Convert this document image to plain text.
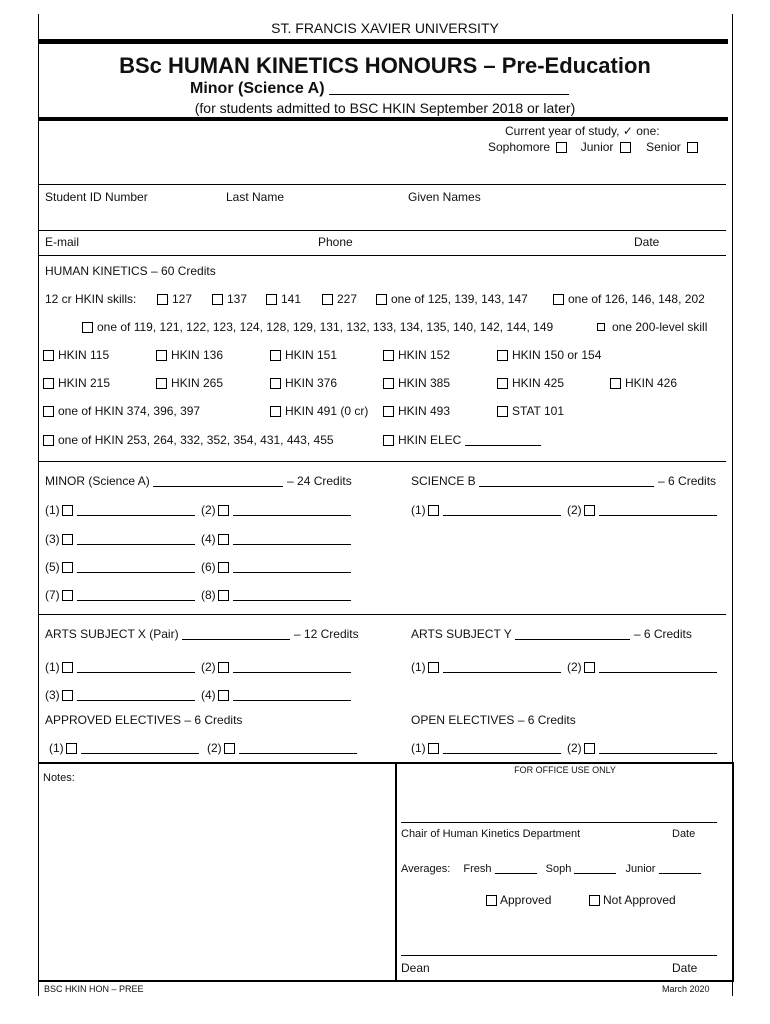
ST. FRANCIS XAVIER UNIVERSITY
BSc HUMAN KINETICS HONOURS – Pre-Education
Minor (Science A)
(for students admitted to BSC HKIN September 2018 or later)
Current year of study, ✓ one:
Sophomore	Junior	Senior
Student ID Number	Last Name	Given Names
E-mail	Phone	Date
HUMAN KINETICS – 60 Credits
12 cr HKIN skills:	127	137	141	227	one of 125, 139, 143, 147	one of 126, 146, 148, 202
one of 119, 121, 122, 123, 124, 128, 129, 131, 132, 133, 134, 135, 140, 142, 144, 149	one 200-level skill
HKIN 115	HKIN 136	HKIN 151	HKIN 152	HKIN 150 or 154
HKIN 215	HKIN 265	HKIN 376	HKIN 385	HKIN 425	HKIN 426
one of HKIN 374, 396, 397	HKIN 491 (0 cr)	HKIN 493	STAT 101
one of HKIN 253, 264, 332, 352, 354, 431, 443, 455	HKIN ELEC
MINOR (Science A)	– 24 Credits	SCIENCE B	– 6 Credits
(1)	(2)	(1)	(2)
(3)	(4)
(5)	(6)
(7)	(8)
ARTS SUBJECT X (Pair)	– 12 Credits	ARTS SUBJECT Y	– 6 Credits
(1)	(2)	(1)	(2)
(3)	(4)
APPROVED ELECTIVES – 6 Credits	OPEN ELECTIVES – 6 Credits
(1)	(2)	(1)	(2)
Notes:
FOR OFFICE USE ONLY
Chair of Human Kinetics Department	Date
Averages: Fresh	Soph	Junior
Approved	Not Approved
Dean	Date
BSC HKIN HON – PREE	March 2020
